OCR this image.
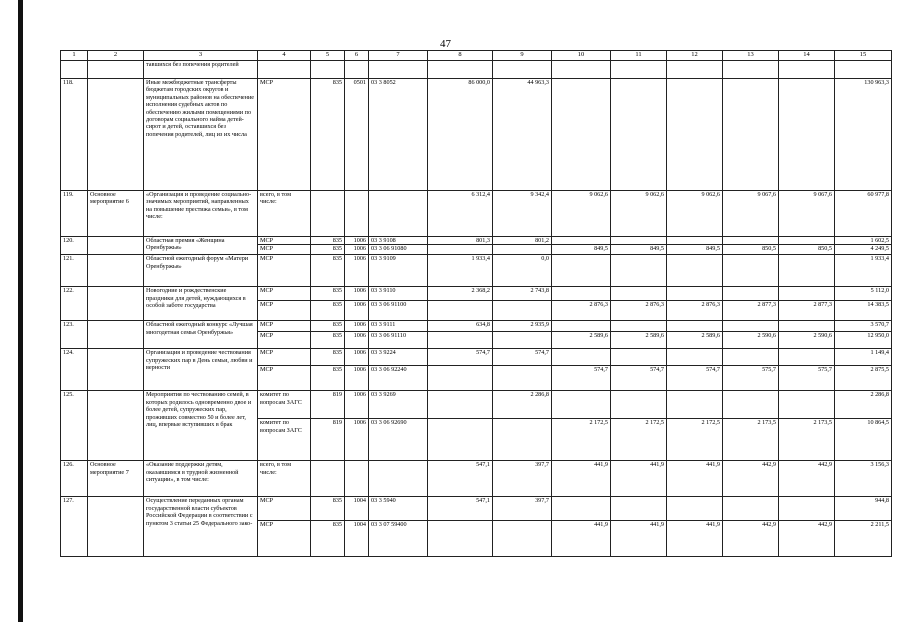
47
1	2	3	4	5	6	7	8	9	10	11	12	13	14	15
		тавшихся без попечения родителей												
118.		Иные межбюджетные трансферты бюджетам городских округов и муниципальных районов на обеспечение исполнения судебных актов по обеспечению жилыми помещениями по договорам социального найма детей-сирот и детей, оставшихся без попечения родителей, лиц из их числа	МСР	835	0501	03 3 8052	86 000,0	44 963,3						130 963,3
119.	Основное мероприятие 6	«Организация и проведение социально-значимых мероприятий, направленных на повышение престижа семьи», в том числе:	всего, в том числе:				6 312,4	9 342,4	9 062,6	9 062,6	9 062,6	9 067,6	9 067,6	60 977,8
120.		Областная премия «Женщина Оренбуржья»	МСР	835	1006	03 3 9108	801,3	801,2						1 602,5
			МСР	835	1006	03 3 06 91080			849,5	849,5	849,5	850,5	850,5	4 249,5
121.		Областной ежегодный форум «Матери Оренбуржья»	МСР	835	1006	03 3 9109	1 933,4	0,0						1 933,4
122.		Новогодние и рождественские праздники для детей, нуждающихся в особой заботе государства	МСР	835	1006	03 3 9110	2 368,2	2 743,8						5 112,0
			МСР	835	1006	03 3 06 91100			2 876,3	2 876,3	2 876,3	2 877,3	2 877,3	14 383,5
123.		Областной ежегодный конкурс «Лучшая многодетная семья Оренбуржья»	МСР	835	1006	03 3 9111	634,8	2 935,9						3 570,7
			МСР	835	1006	03 3 06 91110			2 589,6	2 589,6	2 589,6	2 590,6	2 590,6	12 950,0
124.		Организация и проведение чествования супружеских пар в День семьи, любви и верности	МСР	835	1006	03 3 9224	574,7	574,7						1 149,4
			МСР	835	1006	03 3 06 92240			574,7	574,7	574,7	575,7	575,7	2 875,5
125.		Мероприятия по чествованию семей, в которых родилось одновременно двое и более детей, супружеских пар, проживших совместно 50 и более лет, лиц, впервые вступивших в брак	комитет по вопросам ЗАГС	819	1006	03 3 9269		2 286,8						2 286,8
			комитет по вопросам ЗАГС	819	1006	03 3 06 92690			2 172,5	2 172,5	2 172,5	2 173,5	2 173,5	10 864,5
126.	Основное мероприятие 7	«Оказание поддержки детям, оказавшимся в трудной жизненной ситуации», в том числе:	всего, в том числе:				547,1	397,7	441,9	441,9	441,9	442,9	442,9	3 156,3
127.		Осуществление переданных органам государственной власти субъектов Российской Федерации в соответствии с пунктом 3 статьи 25 Федерального зако-	МСР	835	1004	03 3 5940	547,1	397,7						944,8
			МСР	835	1004	03 3 07 59400			441,9	441,9	441,9	442,9	442,9	2 211,5
